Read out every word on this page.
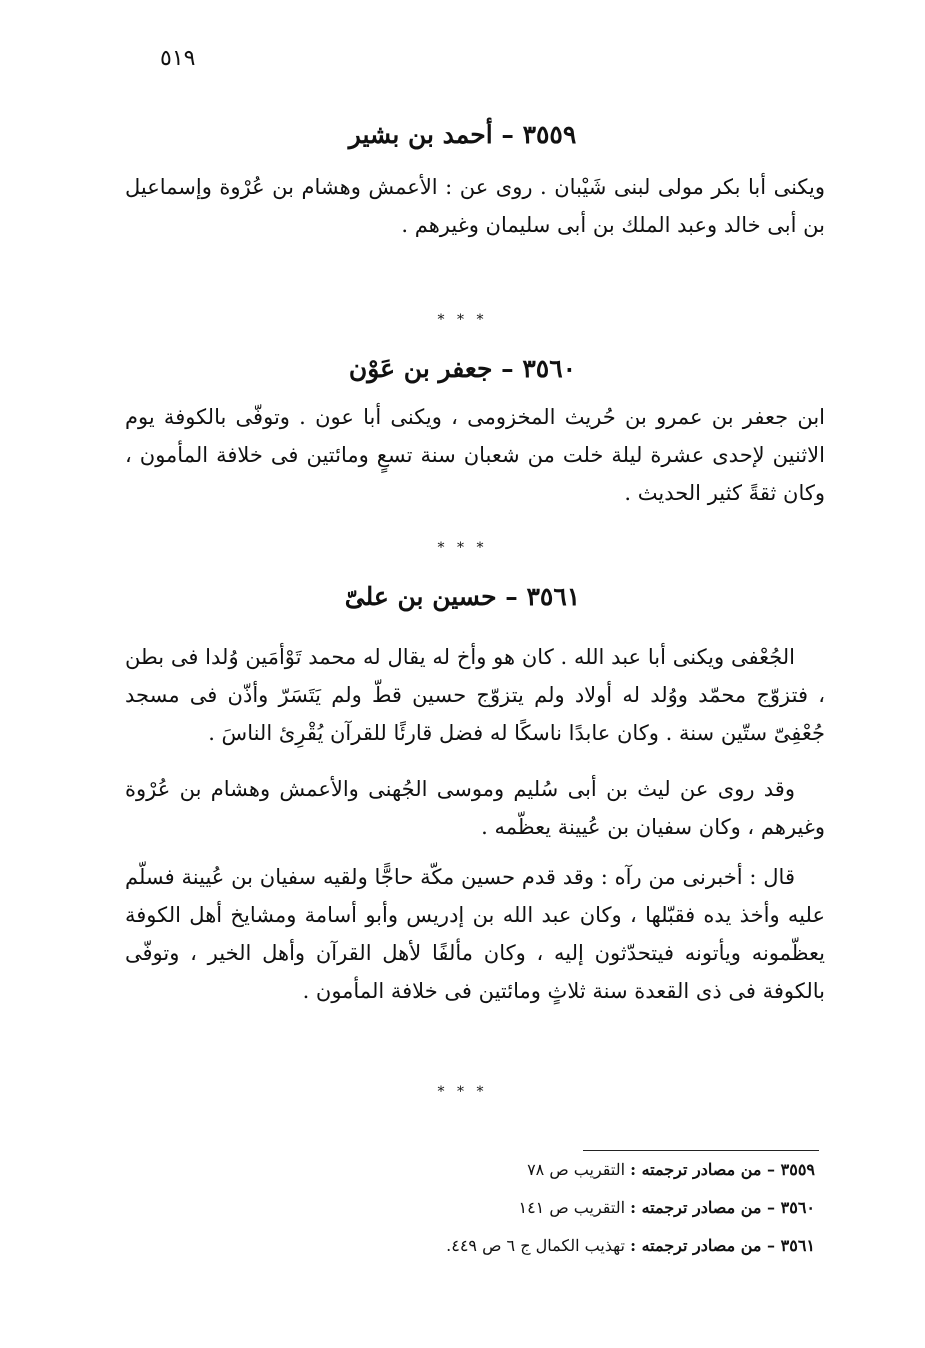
٥١٩
٣٥٥٩ – أحمد بن بشير
ويكنى أبا بكر مولى لبنى شَيْبان . روى عن : الأعمش وهشام بن عُرْوة وإسماعيل بن أبى خالد وعبد الملك بن أبى سليمان وغيرهم .
* * *
٣٥٦٠ – جعفر بن عَوْن
ابن جعفر بن عمرو بن حُريث المخزومى ، ويكنى أبا عون . وتوفّى بالكوفة يوم الاثنين لإحدى عشرة ليلة خلت من شعبان سنة تسعٍ ومائتين فى خلافة المأمون ، وكان ثقةً كثير الحديث .
* * *
٣٥٦١ – حسين بن علىّ
الجُعْفى ويكنى أبا عبد الله . كان هو وأخ له يقال له محمد تَوْأمَين وُلدا فى بطن ، فتزوّج محمّد ووُلد له أولاد ولم يتزوّج حسين قطّ ولم يَتَسَرّ وأذّن فى مسجد جُعْفِىّ ستّين سنة . وكان عابدًا ناسكًا له فضل قارئًا للقرآن يُقْرِئ الناسَ .
وقد روى عن ليث بن أبى سُليم وموسى الجُهنى والأعمش وهشام بن عُرْوة وغيرهم ، وكان سفيان بن عُيينة يعظّمه .
قال : أخبرنى من رآه : وقد قدم حسين مكّة حاجًّا ولقيه سفيان بن عُيينة فسلّم عليه وأخذ يده فقبّلها ، وكان عبد الله بن إدريس وأبو أسامة ومشايخ أهل الكوفة يعظّمونه ويأتونه فيتحدّثون إليه ، وكان مألفًا لأهل القرآن وأهل الخير ، وتوفّى بالكوفة فى ذى القعدة سنة ثلاثٍ ومائتين فى خلافة المأمون .
* * *
٣٥٥٩ – من مصادر ترجمته : التقريب ص ٧٨
٣٥٦٠ – من مصادر ترجمته : التقريب ص ١٤١
٣٥٦١ – من مصادر ترجمته : تهذيب الكمال ج ٦ ص ٤٤٩.
